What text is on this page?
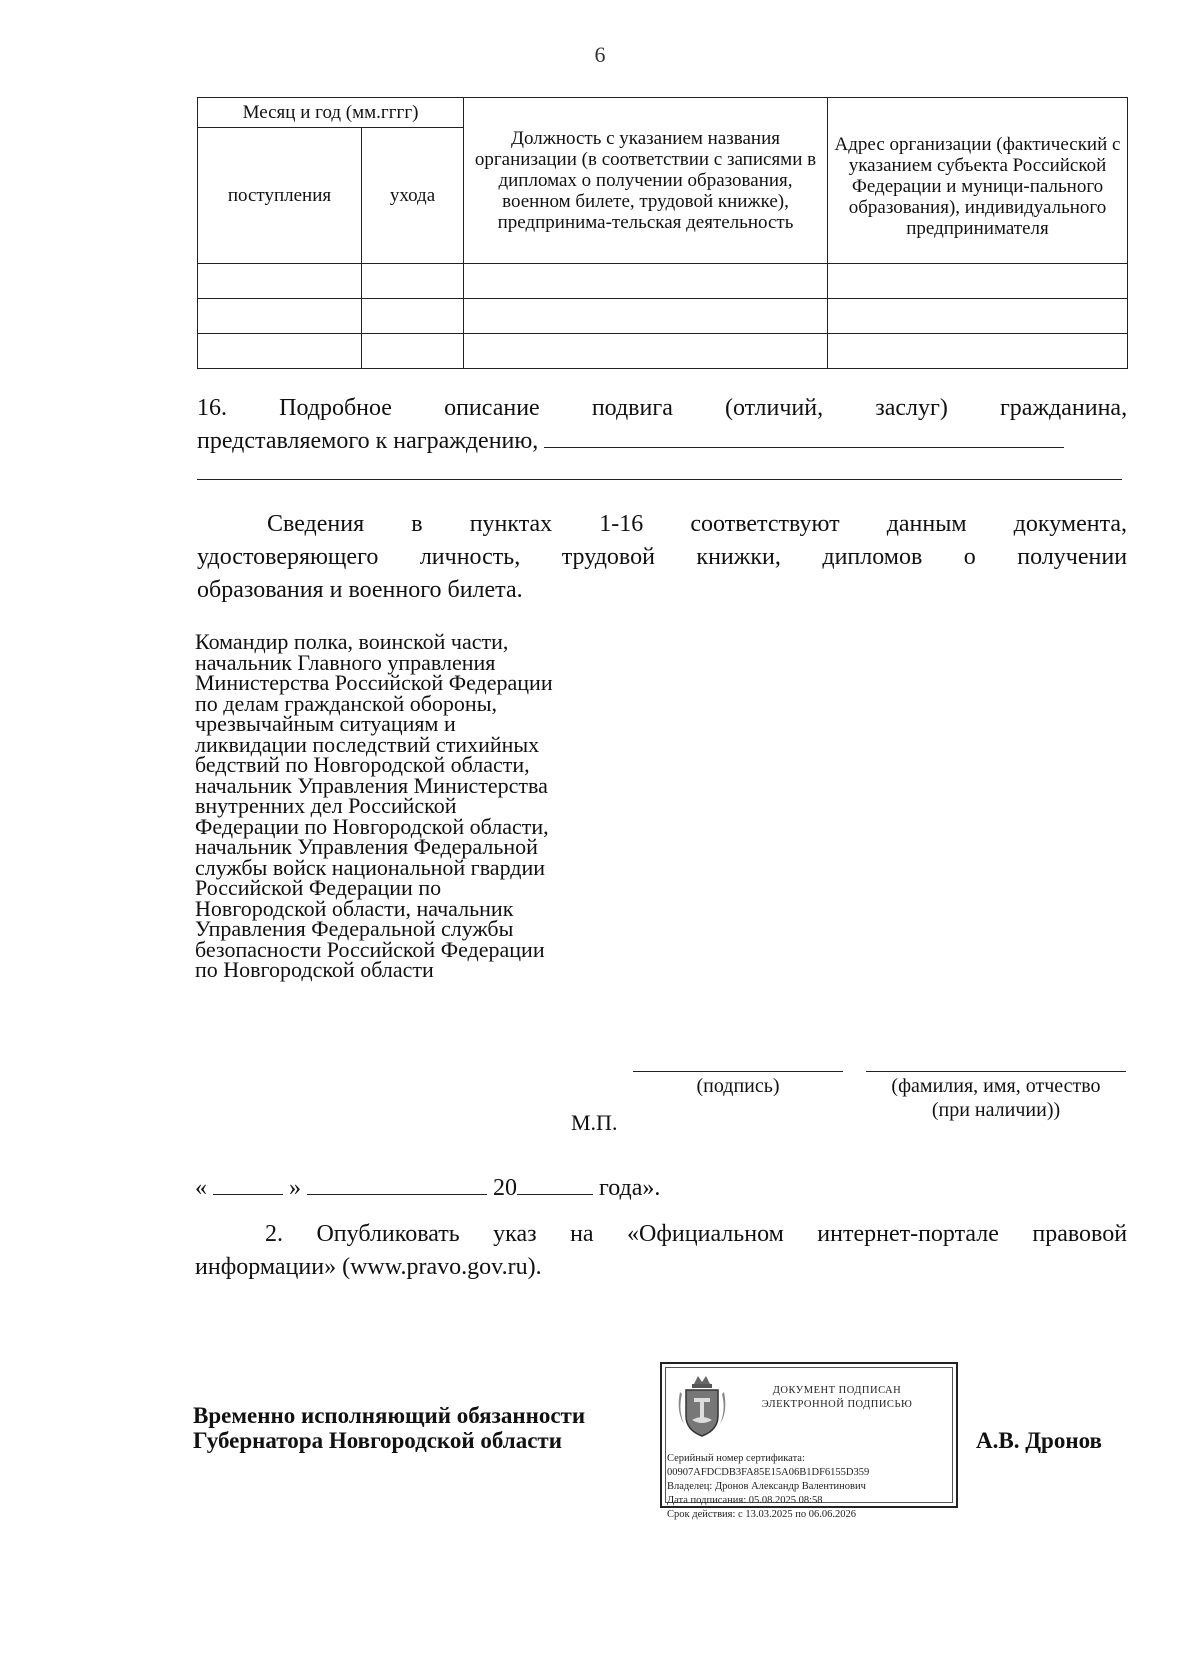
6
Месяц и год (мм.гггг)		Должность с указанием названия организации (в соответствии с записями в дипломах о получении образования, военном билете, трудовой книжке), предпринима-тельская деятельность	Адрес организации (фактический с указанием субъекта Российской Федерации и муници-пального образования), индивидуального предпринимателя
поступления	ухода		

16. Подробное описание подвига (отличий, заслуг) гражданина,
представляемого к награждению,
Сведения в пунктах 1-16 соответствуют данным документа,
удостоверяющего личность, трудовой книжки, дипломов о получении
образования и военного билета.
Командир полка, воинской части, начальник Главного управления Министерства Российской Федерации по делам гражданской обороны, чрезвычайным ситуациям и ликвидации последствий стихийных бедствий по Новгородской области, начальник Управления Министерства внутренних дел Российской Федерации по Новгородской области, начальник Управления Федеральной службы войск национальной гвардии Российской Федерации по Новгородской области, начальник Управления Федеральной службы безопасности Российской Федерации по Новгородской области
(подпись)	(фамилия, имя, отчество
(при наличии))
М.П.
«	»	20	года».
2. Опубликовать указ на «Официальном интернет-портале правовой
информации» (www.pravo.gov.ru).
Временно исполняющий обязанности
Губернатора Новгородской области	А.В. Дронов
ДОКУМЕНТ ПОДПИСАН
ЭЛЕКТРОННОЙ ПОДПИСЬЮ
Серийный номер сертификата:
00907AFDCDB3FA85E15A06B1DF6155D359
Владелец: Дронов Александр Валентинович
Дата подписания: 05.08.2025 08:58
Срок действия: с 13.03.2025 по 06.06.2026
